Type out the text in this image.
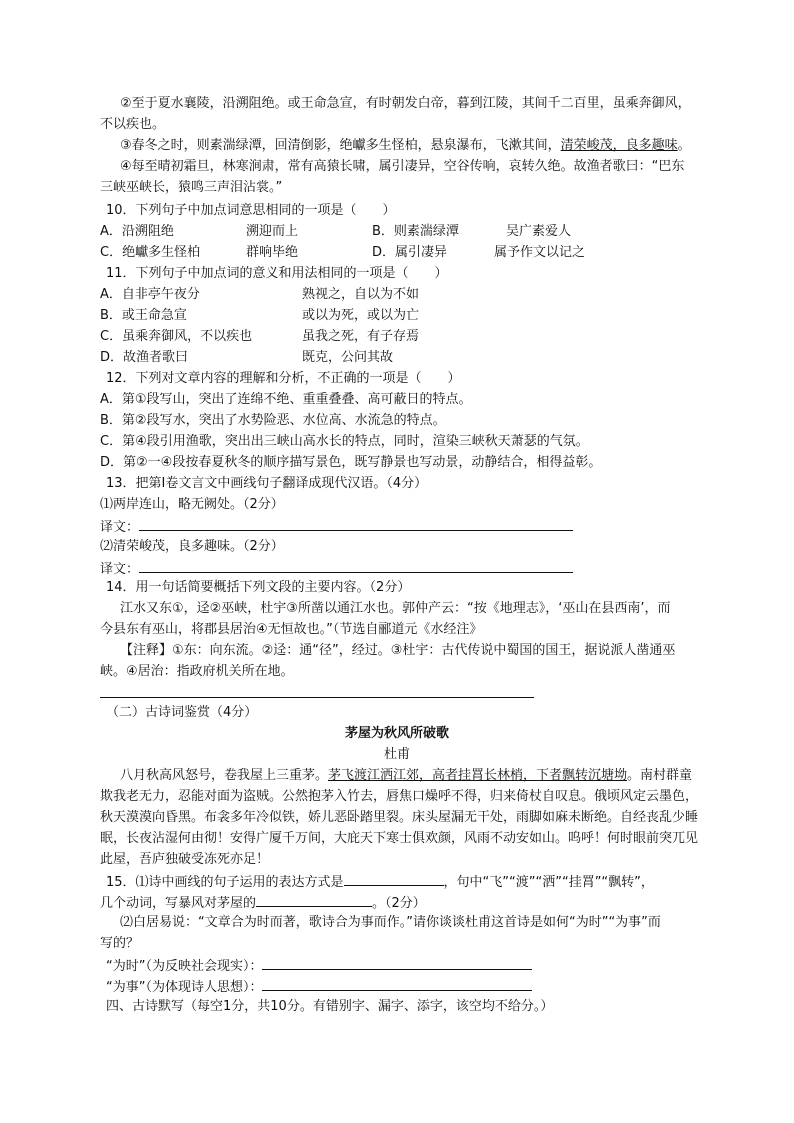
②至于夏水襄陵，沿溯阻绝。或王命急宣，有时朝发白帝，暮到江陵，其间千二百里，虽乘奔御风，
不以疾也。
③春冬之时，则素湍绿潭，回清倒影，绝巘多生怪柏，悬泉瀑布，飞漱其间，清荣峻茂，良多趣味。
④每至晴初霜旦，林寒涧肃，常有高猿长啸，属引凄异，空谷传响，哀转久绝。故渔者歌曰：“巴东
三峡巫峡长，猿鸣三声泪沾裳。”
10．下列句子中加点词意思相同的一项是（　　）
A．沿溯阻绝	溯迎而上	B．则素湍绿潭	吴广素爱人
C．绝巘多生怪柏	群响毕绝	D．属引凄异	属予作文以记之
11．下列句子中加点词的意义和用法相同的一项是（　　）
A．自非亭午夜分	熟视之，自以为不如
B．或王命急宣	或以为死，或以为亡
C．虽乘奔御风，不以疾也	虽我之死，有子存焉
D．故渔者歌曰	既克，公问其故
12．下列对文章内容的理解和分析，不正确的一项是（　　）
A．第①段写山，突出了连绵不绝、重重叠叠、高可蔽日的特点。
B．第②段写水，突出了水势险恶、水位高、水流急的特点。
C．第④段引用渔歌，突出出三峡山高水长的特点，同时，渲染三峡秋天萧瑟的气氛。
D．第②一④段按春夏秋冬的顺序描写景色，既写静景也写动景，动静结合，相得益彰。
13．把第Ⅰ卷文言文中画线句子翻译成现代汉语。（4分）
⑴两岸连山，略无阙处。（2分）
译文：
⑵清荣峻茂，良多趣味。（2分）
译文：
14．用一句话简要概括下列文段的主要内容。（2分）
江水又东①，迳②巫峡，杜宇③所凿以通江水也。郭仲产云：“按《地理志》，‘巫山在县西南’，而
今县东有巫山，将郡县居治④无恒故也。”（节选自郦道元《水经注》
【注释】①东：向东流。②迳：通“径”，经过。③杜宇：古代传说中蜀国的国王，据说派人凿通巫
峡。④居治：指政府机关所在地。
（二）古诗词鉴赏（4分）
茅屋为秋风所破歌
杜甫
八月秋高风怒号，卷我屋上三重茅。茅飞渡江洒江郊，高者挂罥长林梢，下者飘转沉塘坳。南村群童
欺我老无力，忍能对面为盗贼。公然抱茅入竹去，唇焦口燥呼不得，归来倚杖自叹息。俄顷风定云墨色，
秋天漠漠向昏黑。布衾多年冷似铁，娇儿恶卧踏里裂。床头屋漏无干处，雨脚如麻未断绝。自经丧乱少睡
眠，长夜沾湿何由彻！安得广厦千万间，大庇天下寒士俱欢颜，风雨不动安如山。呜呼！何时眼前突兀见
此屋，吾庐独破受冻死亦足！
15．⑴诗中画线的句子运用的表达方式是	，句中“飞”“渡”“洒”“挂罥”“飘转”，
几个动词，写暴风对茅屋的	。（2分）
⑵白居易说：“文章合为时而著，歌诗合为事而作。”请你谈谈杜甫这首诗是如何“为时”“为事”而
写的？
“为时”（为反映社会现实）：
“为事”（为体现诗人思想）：
四、古诗默写（每空1分，共10分。有错别字、漏字、添字，该空均不给分。）
